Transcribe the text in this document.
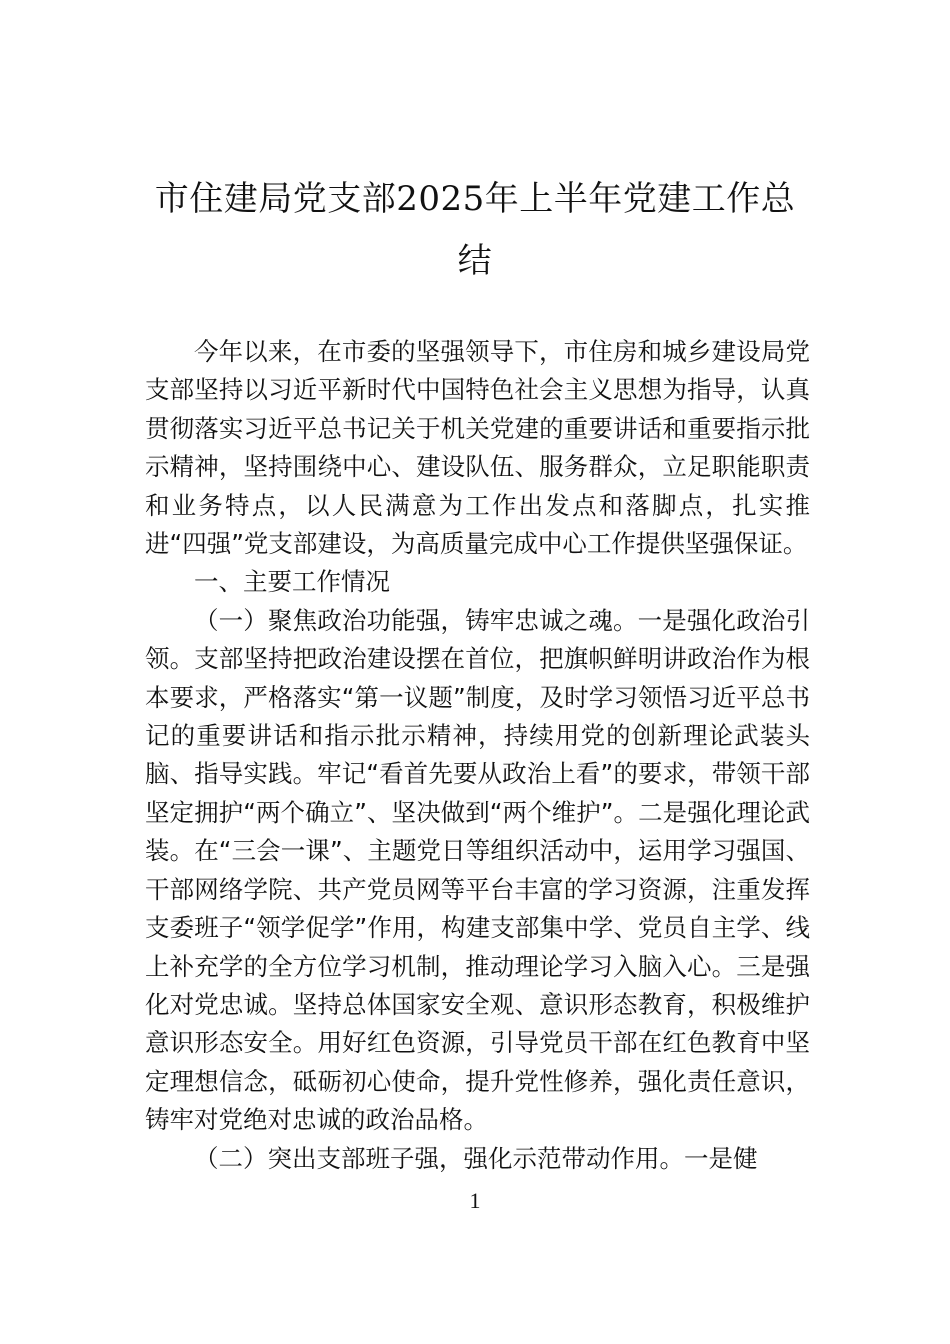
市住建局党支部2025年上半年党建工作总结

今年以来，在市委的坚强领导下，市住房和城乡建设局党支部坚持以习近平新时代中国特色社会主义思想为指导，认真贯彻落实习近平总书记关于机关党建的重要讲话和重要指示批示精神，坚持围绕中心、建设队伍、服务群众，立足职能职责和业务特点，以人民满意为工作出发点和落脚点，扎实推进“四强”党支部建设，为高质量完成中心工作提供坚强保证。

一、主要工作情况

（一）聚焦政治功能强，铸牢忠诚之魂。一是强化政治引领。支部坚持把政治建设摆在首位，把旗帜鲜明讲政治作为根本要求，严格落实“第一议题”制度，及时学习领悟习近平总书记的重要讲话和指示批示精神，持续用党的创新理论武装头脑、指导实践。牢记“看首先要从政治上看”的要求，带领干部坚定拥护“两个确立”、坚决做到“两个维护”。二是强化理论武装。在“三会一课”、主题党日等组织活动中，运用学习强国、干部网络学院、共产党员网等平台丰富的学习资源，注重发挥支委班子“领学促学”作用，构建支部集中学、党员自主学、线上补充学的全方位学习机制，推动理论学习入脑入心。三是强化对党忠诚。坚持总体国家安全观、意识形态教育，积极维护意识形态安全。用好红色资源，引导党员干部在红色教育中坚定理想信念，砥砺初心使命，提升党性修养，强化责任意识，铸牢对党绝对忠诚的政治品格。

（二）突出支部班子强，强化示范带动作用。一是健

1
